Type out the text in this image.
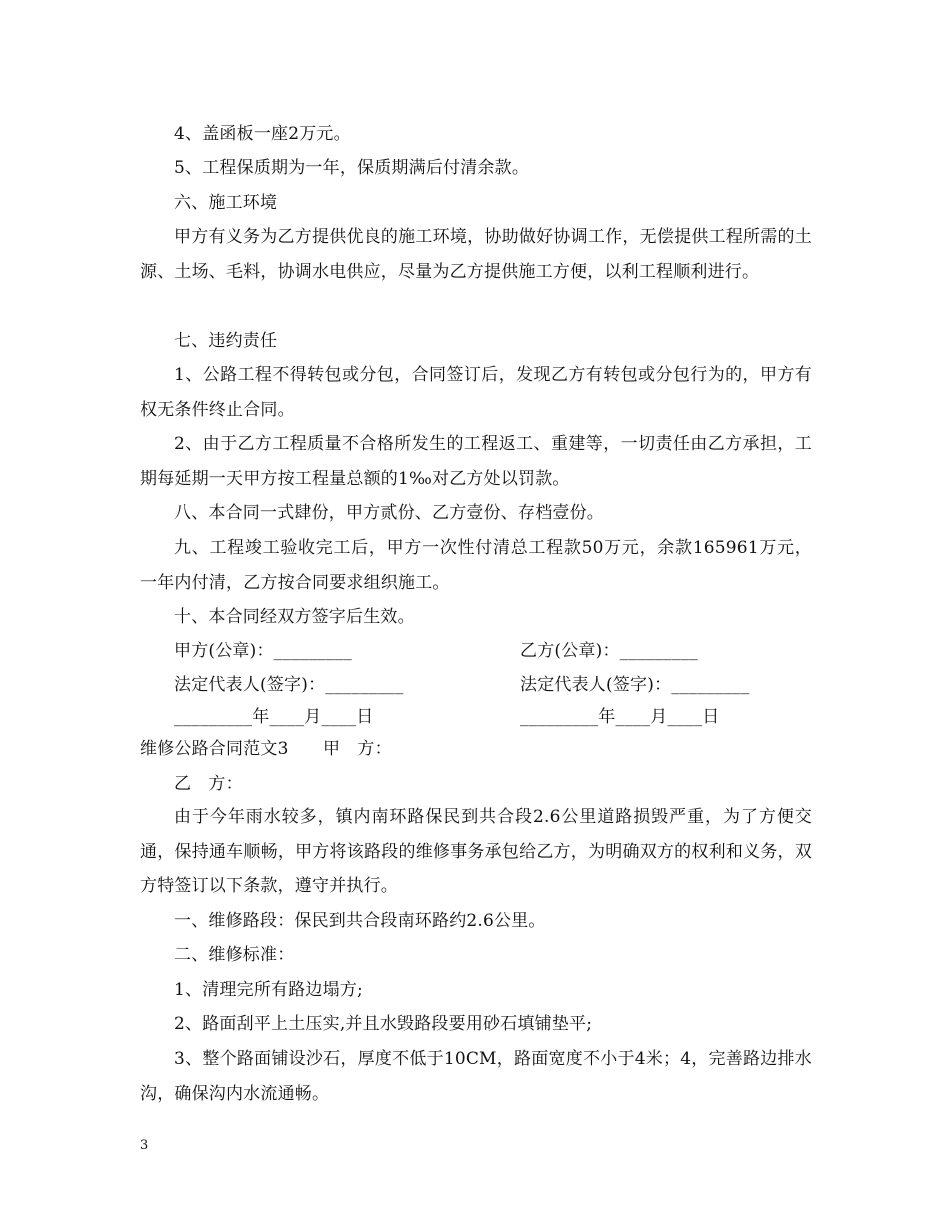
4、盖函板一座2万元。
5、工程保质期为一年，保质期满后付清余款。
六、施工环境
甲方有义务为乙方提供优良的施工环境，协助做好协调工作，无偿提供工程所需的土源、土场、毛料，协调水电供应，尽量为乙方提供施工方便，以利工程顺利进行。
七、违约责任
1、公路工程不得转包或分包，合同签订后，发现乙方有转包或分包行为的，甲方有权无条件终止合同。
2、由于乙方工程质量不合格所发生的工程返工、重建等，一切责任由乙方承担，工期每延期一天甲方按工程量总额的1‰对乙方处以罚款。
八、本合同一式肆份，甲方贰份、乙方壹份、存档壹份。
九、工程竣工验收完工后，甲方一次性付清总工程款50万元，余款165961万元，一年内付清，乙方按合同要求组织施工。
十、本合同经双方签字后生效。
甲方(公章)：_________	乙方(公章)：_________
法定代表人(签字)：_________	法定代表人(签字)：_________
_________年____月____日	_________年____月____日
维修公路合同范文3　　甲　方：
乙　方：
由于今年雨水较多，镇内南环路保民到共合段2.6公里道路损毁严重，为了方便交通，保持通车顺畅，甲方将该路段的维修事务承包给乙方，为明确双方的权利和义务，双方特签订以下条款，遵守并执行。
一、维修路段：保民到共合段南环路约2.6公里。
二、维修标准：
1、清理完所有路边塌方;
2、路面刮平上土压实,并且水毁路段要用砂石填铺垫平;
3、整个路面铺设沙石，厚度不低于10CM，路面宽度不小于4米；4，完善路边排水沟，确保沟内水流通畅。
3
